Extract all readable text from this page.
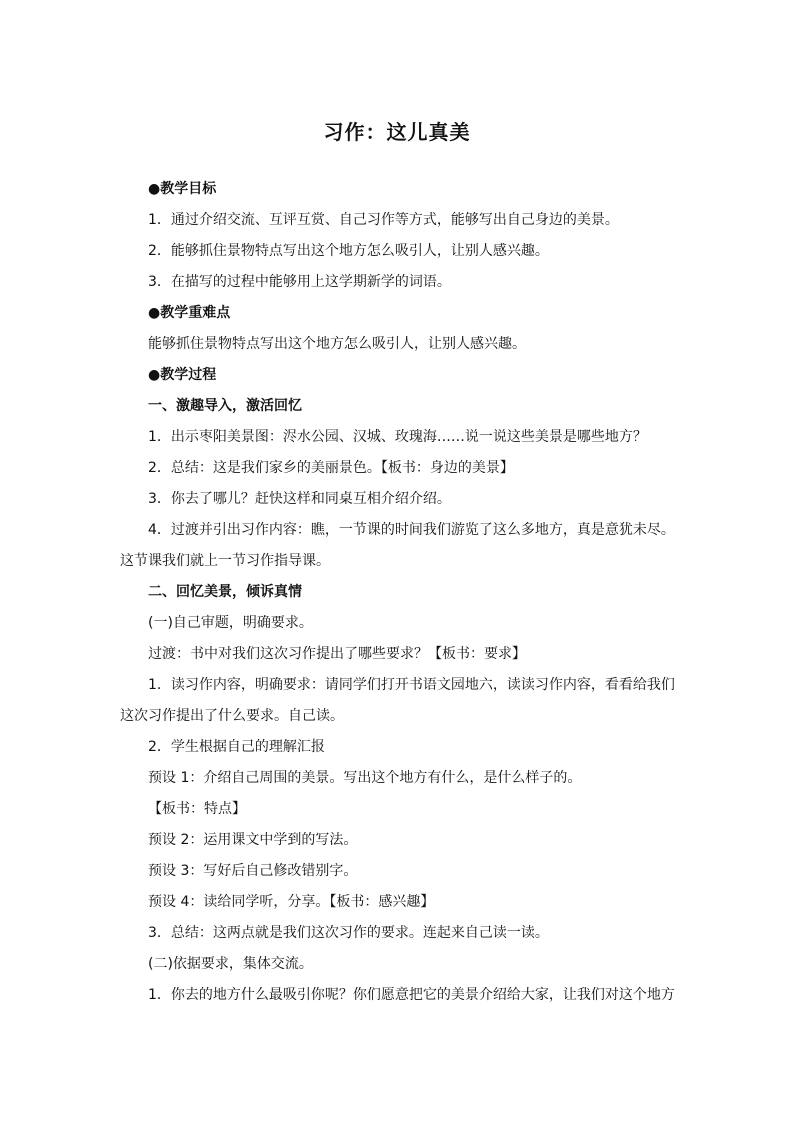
习作：这儿真美
●教学目标
1．通过介绍交流、互评互赏、自己习作等方式，能够写出自己身边的美景。
2．能够抓住景物特点写出这个地方怎么吸引人，让别人感兴趣。
3．在描写的过程中能够用上这学期新学的词语。
●教学重难点
能够抓住景物特点写出这个地方怎么吸引人，让别人感兴趣。
●教学过程
一、激趣导入，激活回忆
1．出示枣阳美景图：浕水公园、汉城、玫瑰海……说一说这些美景是哪些地方？
2．总结：这是我们家乡的美丽景色。【板书：身边的美景】
3．你去了哪儿？赶快这样和同桌互相介绍介绍。
4．过渡并引出习作内容：瞧，一节课的时间我们游览了这么多地方，真是意犹未尽。
这节课我们就上一节习作指导课。
二、回忆美景，倾诉真情
(一)自己审题，明确要求。
过渡：书中对我们这次习作提出了哪些要求？【板书：要求】
1．读习作内容，明确要求：请同学们打开书语文园地六，读读习作内容，看看给我们
这次习作提出了什么要求。自己读。
2．学生根据自己的理解汇报
预设 1：介绍自己周围的美景。写出这个地方有什么，是什么样子的。
【板书：特点】
预设 2：运用课文中学到的写法。
预设 3：写好后自己修改错别字。
预设 4：读给同学听，分享。【板书：感兴趣】
3．总结：这两点就是我们这次习作的要求。连起来自己读一读。
(二)依据要求，集体交流。
1．你去的地方什么最吸引你呢？你们愿意把它的美景介绍给大家，让我们对这个地方
